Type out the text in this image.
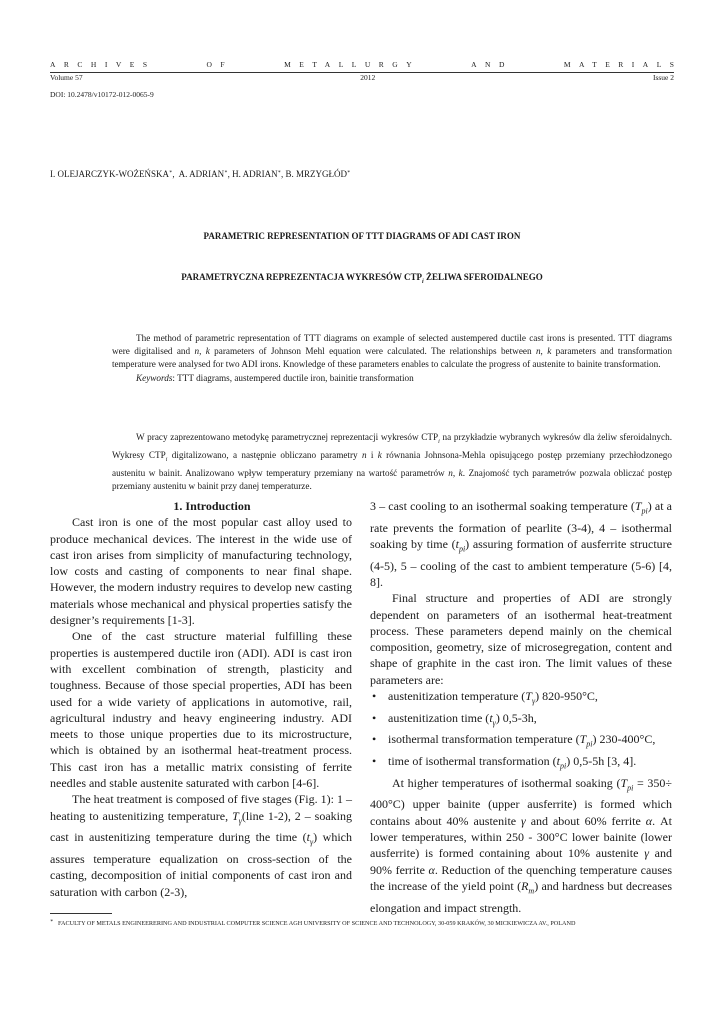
ARCHIVES	OF	METALLURGY	AND	MATERIALS
Volume 57	2012	Issue 2
DOI: 10.2478/v10172-012-0065-9
I. OLEJARCZYK-WOŻEŃSKA∗,  A. ADRIAN∗, H. ADRIAN∗, B. MRZYGŁÓD∗
PARAMETRIC REPRESENTATION OF TTT DIAGRAMS OF ADI CAST IRON
PARAMETRYCZNA REPREZENTACJA WYKRESÓW $CTP_i$ ŻELIWA SFEROIDALNEGO

The method of parametric representation of TTT diagrams on example of selected austempered ductile cast irons is presented. TTT diagrams were digitalised and n, k parameters of Johnson Mehl equation were calculated. The relationships between n, k parameters and transformation temperature were analysed for two ADI irons. Knowledge of these parameters enables to calculate the progress of austenite to bainite transformation.

Keywords: TTT diagrams, austempered ductile iron, bainitie transformation

W pracy zaprezentowano metodykę parametrycznej reprezentacji wykresów $CTP_i$ na przykładzie wybranych wykresów dla żeliw sferoidalnych. Wykresy $CTP_i$ digitalizowano, a następnie obliczano parametry n i k równania Johnsona-Mehla opisującego postęp przemiany przechłodzonego austenitu w bainit. Analizowano wpływ temperatury przemiany na wartość parametrów n, k. Znajomość tych parametrów pozwala obliczać postęp przemiany austenitu w bainit przy danej temperaturze.

1. Introduction

Cast iron is one of the most popular cast alloy used to produce mechanical devices. The interest in the wide use of cast iron arises from simplicity of manufacturing technology, low costs and casting of components to near final shape. However, the modern industry requires to develop new casting materials whose mechanical and physical properties satisfy the designer’s requirements [1-3].

One of the cast structure material fulfilling these properties is austempered ductile iron (ADI). ADI is cast iron with excellent combination of strength, plasticity and toughness. Because of those special properties, ADI has been used for a wide variety of applications in automotive, rail, agricultural industry and heavy engineering industry. ADI meets to those unique properties due to its microstructure, which is obtained by an isothermal heat-treatment process. This cast iron has a metallic matrix consisting of ferrite needles and stable austenite saturated with carbon [4-6].

The heat treatment is composed of five stages (Fig. 1): 1 – heating to austenitizing temperature, $T_\gamma(line$ 1-2), 2 – soaking cast in austenitizing temperature during the time $(t_\gamma)$ which assures temperature equalization on cross-section of the casting, decomposition of initial components of cast iron and saturation with carbon (2-3),

3 – cast cooling to an isothermal soaking temperature $(T_{pi})$ at a rate prevents the formation of pearlite (3-4), 4 – isothermal soaking by time $(t_{pi})$ assuring formation of ausferrite structure (4-5), 5 – cooling of the cast to ambient temperature (5-6) [4, 8].

Final structure and properties of ADI are strongly dependent on parameters of an isothermal heat-treatment process. These parameters depend mainly on the chemical composition, geometry, size of microsegregation, content and shape of graphite in the cast iron. The limit values of these parameters are:

• austenitization temperature $(T_\gamma)$ 820-950°C,
• austenitization time $(t_\gamma)$ 0,5-3h,
• isothermal transformation temperature $(T_{pi})$ 230-400°C,
• time of isothermal transformation $(t_{pi})$ 0,5-5h [3, 4].

At higher temperatures of isothermal soaking $(T_{pi} = 350\div 400^\circ C)$ upper bainite (upper ausferrite) is formed which contains about 40% austenite γ and about 60% ferrite α. At lower temperatures, within 250 - 300°C lower bainite (lower ausferrite) is formed containing about 10% austenite γ and 90% ferrite α. Reduction of the quenching temperature causes the increase of the yield point $(R_m)$ and hardness but decreases elongation and impact strength.

∗ FACULTY OF METALS ENGINEERERING AND INDUSTRIAL COMPUTER SCIENCE AGH UNIVERSITY OF SCIENCE AND TECHNOLOGY, 30-059 KRAKÓW, 30 MICKIEWICZA AV., POLAND
